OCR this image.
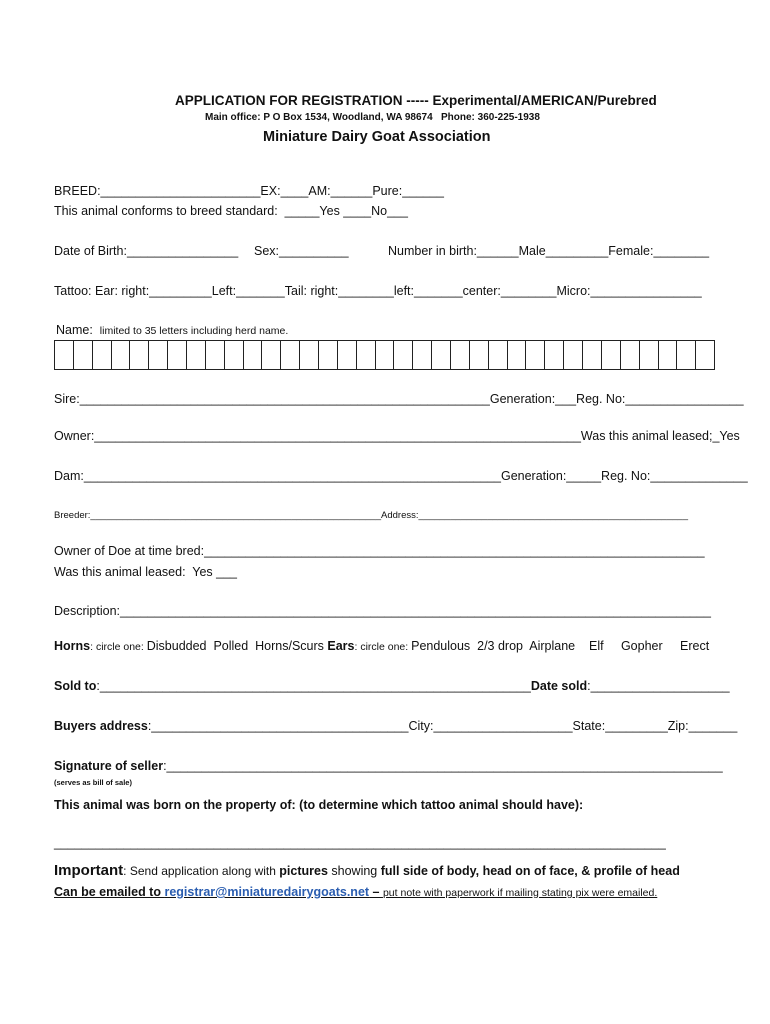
APPLICATION FOR REGISTRATION ----- Experimental/AMERICAN/Purebred
Main office: P O Box 1534, Woodland, WA 98674   Phone: 360-225-1938
Miniature Dairy Goat Association
BREED:_______________________EX:____AM:______Pure:______
This animal conforms to breed standard:  _____Yes ____No___
Date of Birth:________________ Sex:__________	Number in birth:______Male_________Female:________
Tattoo: Ear: right:_________Left:_______Tail: right:________left:_______center:________Micro:________________
Name: limited to 35 letters including herd name.
Sire:___________________________________________________________Generation:___Reg. No:_________________
Owner:______________________________________________________________________Was this animal leased;_Yes
Dam:____________________________________________________________Generation:_____Reg. No:______________
Breeder:_______________________________________________________Address:___________________________________________________
Owner of Doe at time bred:________________________________________________________________________
Was this animal leased:  Yes ___
Description:_____________________________________________________________________________________
Horns: circle one: Disbudded  Polled  Horns/Scurs Ears: circle one: Pendulous  2/3 drop  Airplane    Elf     Gopher     Erect
Sold to:______________________________________________________________Date sold:____________________
Buyers address:_____________________________________City:____________________State:_________Zip:_______
Signature of seller:________________________________________________________________________________
(serves as bill of sale)
This animal was born on the property of: (to determine which tattoo animal should have):
________________________________________________________________________________________
Important: Send application along with pictures showing full side of body, head on of face, & profile of head
Can be emailed to registrar@miniaturedairygoats.net – put note with paperwork if mailing stating pix were emailed.
